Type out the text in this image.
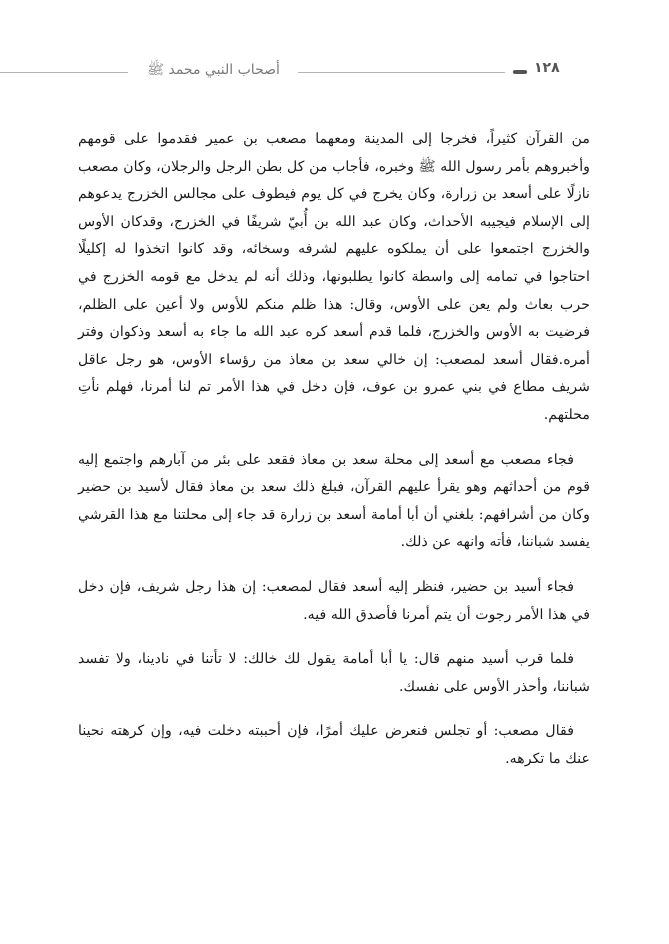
أصحاب النبي محمد ﷺ	١٢٨

من القرآن كثيراً، فخرجا إلى المدينة ومعهما مصعب بن عمير فقدموا على قومهم وأخبروهم بأمر رسول الله ﷺ وخبره، فأجاب من كل بطن الرجل والرجلان، وكان مصعب نازلًا على أسعد بن زرارة، وكان يخرج في كل يوم فيطوف على مجالس الخزرج يدعوهم إلى الإسلام فيجيبه الأحداث، وكان عبد الله بن أُبيّ شريفًا في الخزرج، وقدكان الأوس والخزرج اجتمعوا على أن يملكوه عليهم لشرفه وسخائه، وقد كانوا اتخذوا له إكليلًا احتاجوا في تمامه إلى واسطة كانوا يطلبونها، وذلك أنه لم يدخل مع قومه الخزرج في حرب بعاث ولم يعن على الأوس، وقال: هذا ظلم منكم للأوس ولا أعين على الظلم، فرضيت به الأوس والخزرج، فلما قدم أسعد كره عبد الله ما جاء به أسعد وذكوان وفتر أمره.فقال أسعد لمصعب: إن خالي سعد بن معاذ من رؤساء الأوس، هو رجل عاقل شريف مطاع في بني عمرو بن عوف، فإن دخل في هذا الأمر تم لنا أمرنا، فهلم نأتِ محلتهم.

فجاء مصعب مع أسعد إلى محلة سعد بن معاذ فقعد على بئر من آبارهم واجتمع إليه قوم من أحداثهم وهو يقرأ عليهم القرآن، فبلغ ذلك سعد بن معاذ فقال لأسيد بن حضير وكان من أشرافهم: بلغني أن أبا أمامة أسعد بن زرارة قد جاء إلى محلتنا مع هذا القرشي يفسد شباننا، فأته وانهه عن ذلك.

فجاء أسيد بن حضير، فنظر إليه أسعد فقال لمصعب: إن هذا رجل شريف، فإن دخل في هذا الأمر رجوت أن يتم أمرنا فأصدق الله فيه.

فلما قرب أسيد منهم قال: يا أبا أمامة يقول لك خالك: لا تأتنا في نادينا، ولا تفسد شباننا، وأحذر الأوس على نفسك.

فقال مصعب: أو تجلس فنعرض عليك أمرًا، فإن أحببته دخلت فيه، وإن كرهته نحينا عنك ما تكرهه.
